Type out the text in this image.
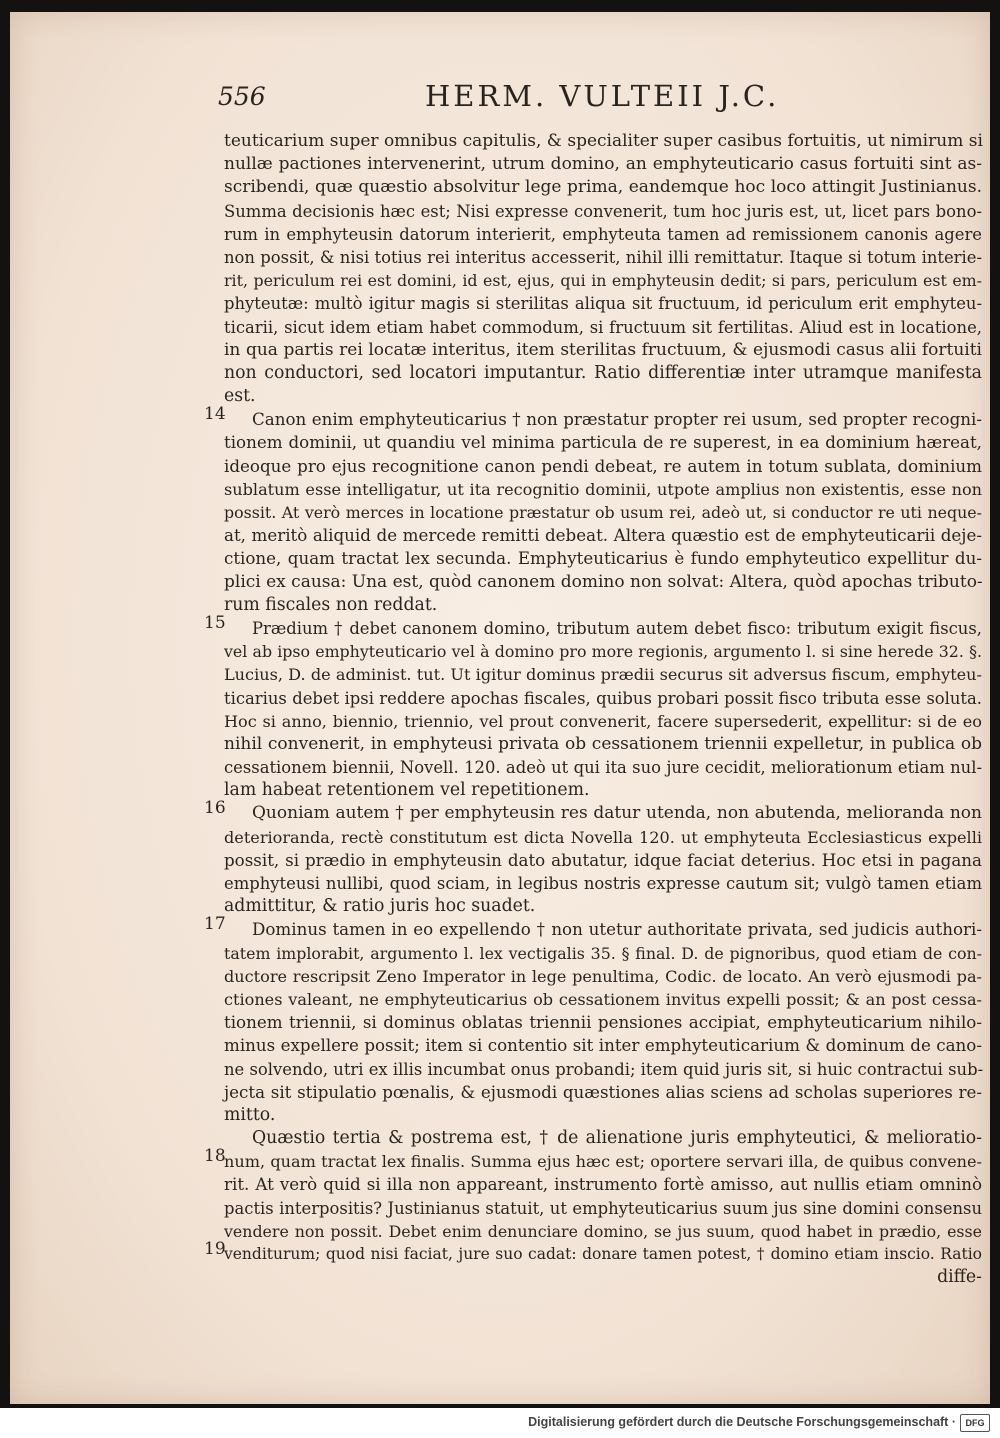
556	HERM. VULTEII J.C.
14
15
16
17
18
19
teuticarium super omnibus capitulis, & specialiter super casibus fortuitis, ut nimirum si
nullæ pactiones intervenerint, utrum domino, an emphyteuticario casus fortuiti sint as-
scribendi, quæ quæstio absolvitur lege prima, eandemque hoc loco attingit Justinianus.
Summa decisionis hæc est; Nisi expresse convenerit, tum hoc juris est, ut, licet pars bono-
rum in emphyteusin datorum interierit, emphyteuta tamen ad remissionem canonis agere
non possit, & nisi totius rei interitus accesserit, nihil illi remittatur. Itaque si totum interie-
rit, periculum rei est domini, id est, ejus, qui in emphyteusin dedit; si pars, periculum est em-
phyteutæ: multò igitur magis si sterilitas aliqua sit fructuum, id periculum erit emphyteu-
ticarii, sicut idem etiam habet commodum, si fructuum sit fertilitas. Aliud est in locatione,
in qua partis rei locatæ interitus, item sterilitas fructuum, & ejusmodi casus alii fortuiti
non conductori, sed locatori imputantur. Ratio differentiæ inter utramque manifesta
est.
Canon enim emphyteuticarius † non præstatur propter rei usum, sed propter recogni-
tionem dominii, ut quandiu vel minima particula de re superest, in ea dominium hæreat,
ideoque pro ejus recognitione canon pendi debeat, re autem in totum sublata, dominium
sublatum esse intelligatur, ut ita recognitio dominii, utpote amplius non existentis, esse non
possit. At verò merces in locatione præstatur ob usum rei, adeò ut, si conductor re uti neque-
at, meritò aliquid de mercede remitti debeat. Altera quæstio est de emphyteuticarii deje-
ctione, quam tractat lex secunda. Emphyteuticarius è fundo emphyteutico expellitur du-
plici ex causa: Una est, quòd canonem domino non solvat: Altera, quòd apochas tributo-
rum fiscales non reddat.
Prædium † debet canonem domino, tributum autem debet fisco: tributum exigit fiscus,
vel ab ipso emphyteuticario vel à domino pro more regionis, argumento l. si sine herede 32. §.
Lucius, D. de administ. tut. Ut igitur dominus prædii securus sit adversus fiscum, emphyteu-
ticarius debet ipsi reddere apochas fiscales, quibus probari possit fisco tributa esse soluta.
Hoc si anno, biennio, triennio, vel prout convenerit, facere supersederit, expellitur: si de eo
nihil convenerit, in emphyteusi privata ob cessationem triennii expelletur, in publica ob
cessationem biennii, Novell. 120. adeò ut qui ita suo jure cecidit, meliorationum etiam nul-
lam habeat retentionem vel repetitionem.
Quoniam autem † per emphyteusin res datur utenda, non abutenda, melioranda non
deterioranda, rectè constitutum est dicta Novella 120. ut emphyteuta Ecclesiasticus expelli
possit, si prædio in emphyteusin dato abutatur, idque faciat deterius. Hoc etsi in pagana
emphyteusi nullibi, quod sciam, in legibus nostris expresse cautum sit; vulgò tamen etiam
admittitur, & ratio juris hoc suadet.
Dominus tamen in eo expellendo † non utetur authoritate privata, sed judicis authori-
tatem implorabit, argumento l. lex vectigalis 35. § final. D. de pignoribus, quod etiam de con-
ductore rescripsit Zeno Imperator in lege penultima, Codic. de locato. An verò ejusmodi pa-
ctiones valeant, ne emphyteuticarius ob cessationem invitus expelli possit; & an post cessa-
tionem triennii, si dominus oblatas triennii pensiones accipiat, emphyteuticarium nihilo-
minus expellere possit; item si contentio sit inter emphyteuticarium & dominum de cano-
ne solvendo, utri ex illis incumbat onus probandi; item quid juris sit, si huic contractui sub-
jecta sit stipulatio pœnalis, & ejusmodi quæstiones alias sciens ad scholas superiores re-
mitto.
Quæstio tertia & postrema est, † de alienatione juris emphyteutici, & melioratio-
num, quam tractat lex finalis. Summa ejus hæc est; oportere servari illa, de quibus convene-
rit. At verò quid si illa non appareant, instrumento fortè amisso, aut nullis etiam omninò
pactis interpositis? Justinianus statuit, ut emphyteuticarius suum jus sine domini consensu
vendere non possit. Debet enim denunciare domino, se jus suum, quod habet in prædio, esse
venditurum; quod nisi faciat, jure suo cadat: donare tamen potest, † domino etiam inscio. Ratio
diffe-
Digitalisierung gefördert durch die Deutsche Forschungsgemeinschaft ·	DFG
